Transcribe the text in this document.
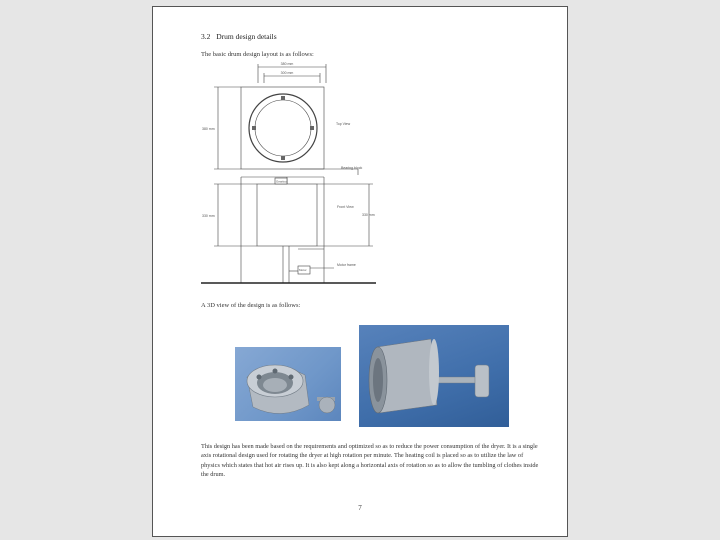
3.2 Drum design details
The basic drum design layout is as follows:
380 mm
300 mm
380 mm
330 mm	330 mm
Top View
Front View
Gearbox
Motor
Bearing block
Motor frame
A 3D view of the design is as follows:
This design has been made based on the requirements and optimized so as to reduce the power consumption of the dryer. It is a single axis rotational design used for rotating the dryer at high rotation per minute. The heating coil is placed so as to utilize the law of physics which states that hot air rises up. It is also kept along a horizontal axis of rotation so as to allow the tumbling of clothes inside the drum.
7
